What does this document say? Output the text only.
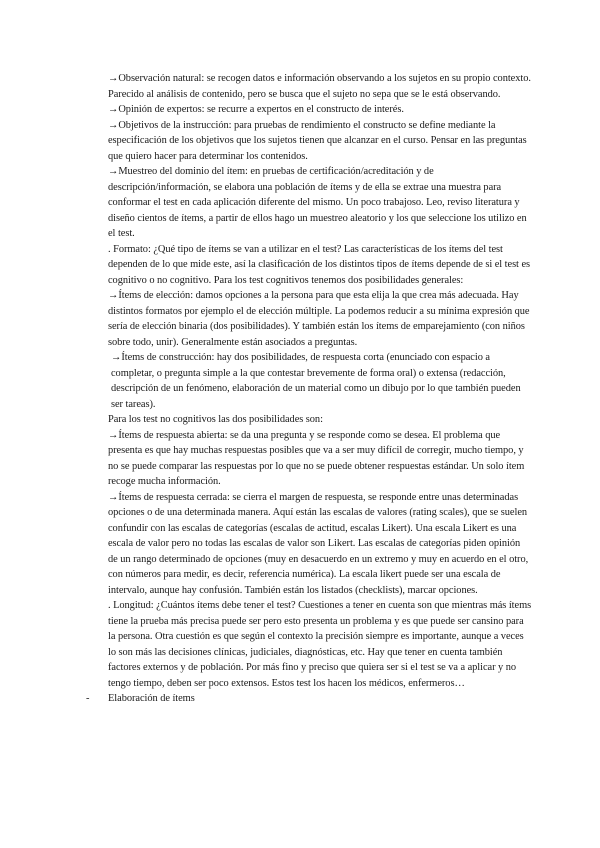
→Observación natural: se recogen datos e información observando a los sujetos en su propio contexto. Parecido al análisis de contenido, pero se busca que el sujeto no sepa que se le está observando.

→Opinión de expertos: se recurre a expertos en el constructo de interés.

→Objetivos de la instrucción: para pruebas de rendimiento el constructo se define mediante la especificación de los objetivos que los sujetos tienen que alcanzar en el curso. Pensar en las preguntas que quiero hacer para determinar los contenidos.

→Muestreo del dominio del ítem: en pruebas de certificación/acreditación y de descripción/información, se elabora una población de ítems y de ella se extrae una muestra para conformar el test en cada aplicación diferente del mismo. Un poco trabajoso. Leo, reviso literatura y diseño cientos de ítems, a partir de ellos hago un muestreo aleatorio y los que seleccione los utilizo en el test.

. Formato: ¿Qué tipo de ítems se van a utilizar en el test? Las características de los ítems del test dependen de lo que mide este, así la clasificación de los distintos tipos de ítems depende de si el test es cognitivo o no cognitivo. Para los test cognitivos tenemos dos posibilidades generales:

→Ítems de elección: damos opciones a la persona para que esta elija la que crea más adecuada. Hay distintos formatos por ejemplo el de elección múltiple. La podemos reducir a su mínima expresión que sería de elección binaria (dos posibilidades). Y también están los ítems de emparejamiento (con niños sobre todo, unir). Generalmente están asociados a preguntas.

→Ítems de construcción: hay dos posibilidades, de respuesta corta (enunciado con espacio a completar, o pregunta simple a la que contestar brevemente de forma oral) o extensa (redacción, descripción de un fenómeno, elaboración de un material como un dibujo por lo que también pueden ser tareas).

Para los test no cognitivos las dos posibilidades son:

→Ítems de respuesta abierta: se da una pregunta y se responde como se desea. El problema que presenta es que hay muchas respuestas posibles que va a ser muy difícil de corregir, mucho tiempo, y no se puede comparar las respuestas por lo que no se puede obtener respuestas estándar. Un solo ítem recoge mucha información.

→Ítems de respuesta cerrada: se cierra el margen de respuesta, se responde entre unas determinadas opciones o de una determinada manera. Aquí están las escalas de valores (rating scales), que se suelen confundir con las escalas de categorías (escalas de actitud, escalas Likert). Una escala Likert es una escala de valor pero no todas las escalas de valor son Likert. Las escalas de categorías piden opinión de un rango determinado de opciones (muy en desacuerdo en un extremo y muy en acuerdo en el otro, con números para medir, es decir, referencia numérica). La escala likert puede ser una escala de intervalo, aunque hay confusión. También están los listados (checklists), marcar opciones.

. Longitud: ¿Cuántos ítems debe tener el test? Cuestiones a tener en cuenta son que mientras más ítems tiene la prueba más precisa puede ser pero esto presenta un problema y es que puede ser cansino para la persona. Otra cuestión es que según el contexto la precisión siempre es importante, aunque a veces lo son más las decisiones clínicas, judiciales, diagnósticas, etc. Hay que tener en cuenta también factores externos y de población. Por más fino y preciso que quiera ser si el test se va a aplicar y no tengo tiempo, deben ser poco extensos. Estos test los hacen los médicos, enfermeros…

- Elaboración de ítems
